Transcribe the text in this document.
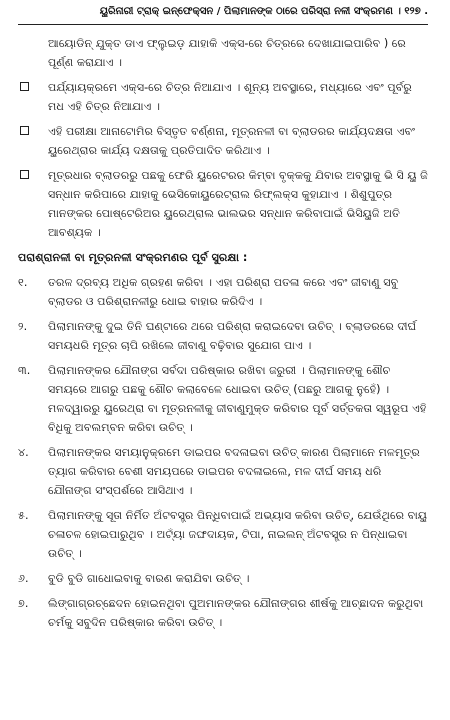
ୟୁରିନାରୀ ଟ୍ରାକ୍ ଇନ୍‌ଫେକ୍‌ସନ / ପିଲାମାନଙ୍କ ଠାରେ ପରିସ୍ରା ନଳୀ ସଂକ୍ରମଣ । ୧୨୭ .

ଆୟୋଡିନ୍ ଯୁକ୍ତ ଡାଏ ଫ୍ଲୁଇଡ଼ ଯାହାକି ଏକ୍ସ-ରେ ଚିତ୍ରରେ ଦେଖାଯାଇପାରିବ ) ରେ ପୂର୍ଣ୍ଣ କରାଯାଏ ।

ପର୍ଯ୍ୟାୟକ୍ରମେ ଏକ୍ସ-ରେ ଚିତ୍ର ନିଆଯାଏ । ଶୂନ୍ୟ ଅବସ୍ଥାରେ, ମଧ୍ୟାରେ ଏବଂ ପୂର୍ବରୁ ମଧ ଏହି ଚିତ୍ର ନିଆଯାଏ ।
ଏହି ପରୀକ୍ଷା ଆନାଟୋମିର ବିସ୍ତୃତ ବର୍ଣ୍ଣନା, ମୂତ୍ରନଳୀ ବା ବ୍ଲାଡରର କାର୍ଯ୍ୟଦକ୍ଷତା ଏବଂ ୟୁରେଥ୍ରାର କାର୍ଯ୍ୟ ଦକ୍ଷତାକୁ ପ୍ରତିପାଦିତ କରିଥାଏ ।
ମୂତ୍ରଧାର ବ୍ଲାଡରରୁ ପଛକୁ ଫେରି ୟୁରେଟରର କିମ୍ବା ବୃକ୍କକୁ ଯିବାର ଅବସ୍ଥାକୁ ଭି ସି ୟୁ ଜି ସନ୍ଧାନ କରିପାରେ ଯାହାକୁ ଭେସିକୋୟୁରେଟ୍ରାଲ ରିଫ୍ଲକ୍ସ କୁହାଯାଏ । ଶିଶୁପୁତ୍ର ମାନଙ୍କର ପୋଷ୍ଟେରିଅର ୟୁରେଥ୍ରାଲ ଭାଲଭର ସନ୍ଧାନ କରିବାପାଇଁ ଭିସିୟୁଜି ଅତି ଆବଶ୍ୟକ ।
ପରାଶ୍ରାନଳୀ ବା ମୂତ୍ରନଳୀ ସଂକ୍ରମଣର ପୂର୍ବ ସୁରକ୍ଷା :
୧.	ତରଳ ଦ୍ରବ୍ୟ ଅଧିକ ଗ୍ରହଣ କରିବା । ଏହା ପରିଶ୍ରା ପତଳା କରେ ଏବଂ ଜୀବାଣୁ ସବୁ ବ୍ଲାଡର ଓ ପରିଶ୍ରାନଳୀରୁ ଧୋଇ ବାହାର କରିଦିଏ ।
୨.	ପିଲାମାନଙ୍କୁ ଦୁଇ ତିନି ଘଣ୍ଟାରେ ଥରେ ପରିଶ୍ରା କରାଇଦେବା ଉଚିତ୍ । ବ୍ଲାଡରରେ ଦୀର୍ଘ ସମୟଧରି ମୂତ୍ର ଚାପି ରଖିଲେ ଜୀବାଣୁ ବଢ଼ିବାର ସୁଯୋଗ ପାଏ ।
୩.	ପିଲାମାନଙ୍କର ଯୌନାଙ୍ଗ ସର୍ବଦା ପରିଷ୍କାର ରଖିବା ଜରୁରୀ । ପିଲାମାନଙ୍କୁ ଶୌଚ ସମୟରେ ଆଗରୁ ପଛକୁ ଶୌଚ କଲାବେଳେ ଧୋଇବା ଉଚିତ୍ (ପଛରୁ ଆଗକୁ ନୁହେଁ) । ମଳଦ୍ୱାରରୁ ୟୁରେଥ୍ରା ବା ମୂତ୍ରନଳୀକୁ ଜୀବାଣୁମୁକ୍ତ କରିବାର ପୂର୍ବ ସର୍ତ୍ତକତା ସ୍ୱରୂପ ଏହି ବିଧିକୁ ଅବଲମ୍ବନ କରିବା ଉଚିତ୍ ।
୪.	ପିଲାମାନଙ୍କର ସମୟାନୁକ୍ରମେ ଡାଇପର ବଦଳାଇବା ଉଚିତ୍ କାରଣ ପିଲାମାନେ ମଳମୂତ୍ର ତ୍ୟାଗ କରିବାର ବେଶୀ ସମୟପରେ ଡାଇପର ବଦଳାଇଲେ, ମଳ ଦୀର୍ଘ ସମୟ ଧରି ଯୌନାଙ୍ଗ ସଂସ୍ପର୍ଶରେ ଆସିଥାଏ ।
୫.	ପିଲାମାନଙ୍କୁ ସୂତା ନିର୍ମିତ ଅଁଟବସ୍ତ୍ର ପିନ୍ଧିବାପାଇଁ ଅଭ୍ୟାସ କରିବା ଉଚିତ୍, ଯେଉଁଥିରେ ବାୟୁ ଚଳାଚଳ ହୋଇପାରୁଥିବ । ଅଟ୍ୟାଁ ଜଙ୍ଘଦାୟକ, ଟିପା, ନାଇଲନ୍ ଅଁଟବସ୍ତ୍ର ନ ପିନ୍ଧାଇବା ଉଚିତ୍ ।
୬.	ବୁଡି ବୁଡି ଗାଧୋଇବାକୁ ବାରଣ କରାଯିବା ଉଚିତ୍ ।
୭.	ଲିଙ୍ଗାଗ୍ରଚ୍ଛେଦନ ହୋଇନଥିବା ପୁଅମାନଙ୍କର ଯୌନାଙ୍ଗର ଶୀର୍ଷକୁ ଆଚ୍ଛାଦନ କରୁଥିବା ଚର୍ମକୁ ସବୁଦିନ ପରିଷ୍କାର କରିବା ଉଚିତ୍ ।
